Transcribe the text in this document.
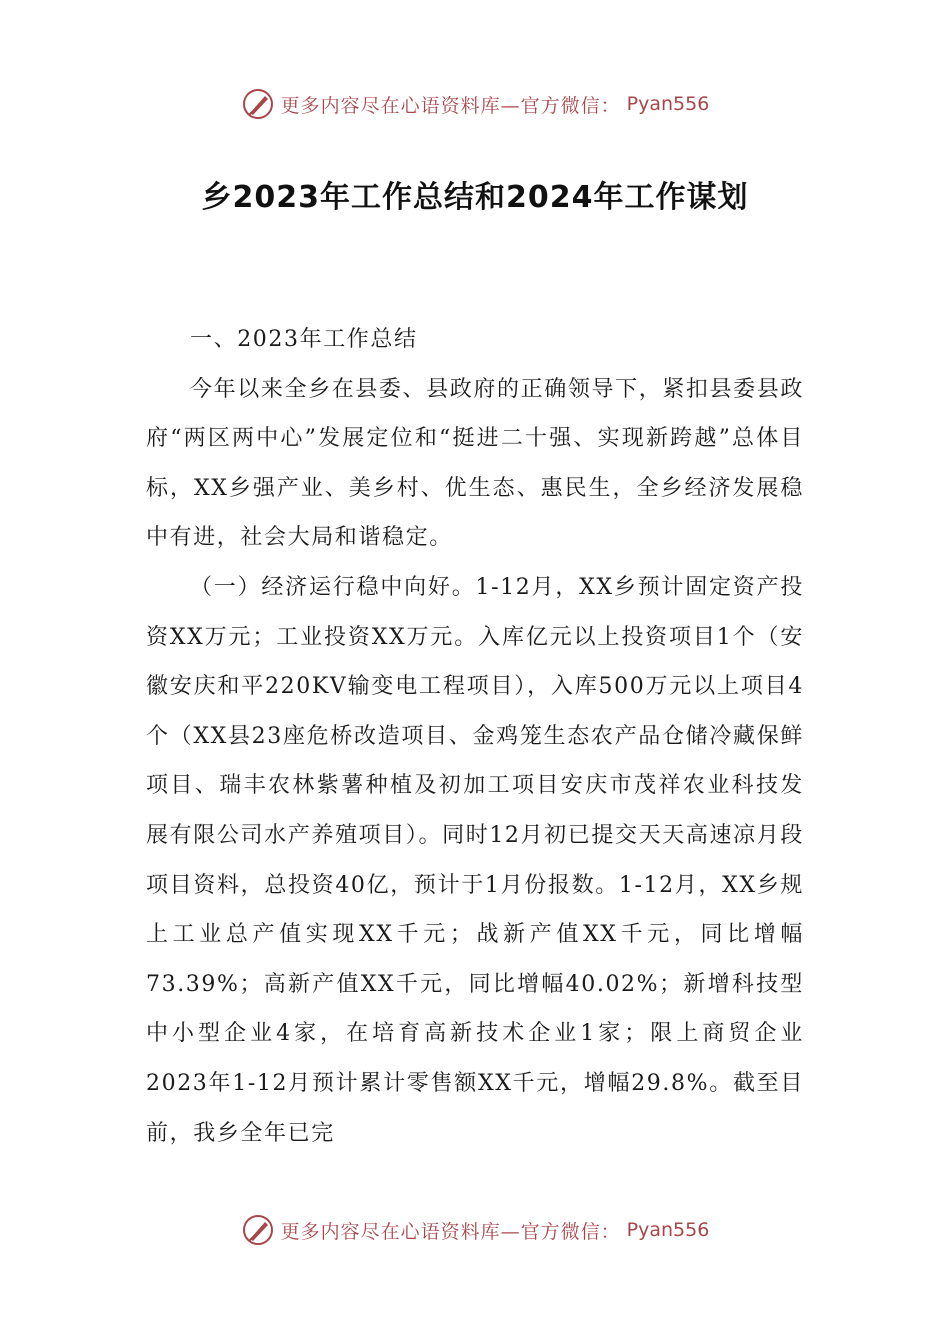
更多内容尽在心语资料库—官方微信： Pyan556
乡2023年工作总结和2024年工作谋划

一、2023年工作总结

今年以来全乡在县委、县政府的正确领导下，紧扣县委县政府“两区两中心”发展定位和“挺进二十强、实现新跨越”总体目标，XX乡强产业、美乡村、优生态、惠民生，全乡经济发展稳中有进，社会大局和谐稳定。

（一）经济运行稳中向好。1-12月，XX乡预计固定资产投资XX万元；工业投资XX万元。入库亿元以上投资项目1个（安徽安庆和平220KV输变电工程项目），入库500万元以上项目4个（XX县23座危桥改造项目、金鸡笼生态农产品仓储冷藏保鲜项目、瑞丰农林紫薯种植及初加工项目安庆市茂祥农业科技发展有限公司水产养殖项目）。同时12月初已提交天天高速凉月段项目资料，总投资40亿，预计于1月份报数。1-12月，XX乡规上工业总产值实现XX千元；战新产值XX千元，同比增幅73.39%；高新产值XX千元，同比增幅40.02%；新增科技型中小型企业4家，在培育高新技术企业1家；限上商贸企业2023年1-12月预计累计零售额XX千元，增幅29.8%。截至目前，我乡全年已完

更多内容尽在心语资料库—官方微信： Pyan556
